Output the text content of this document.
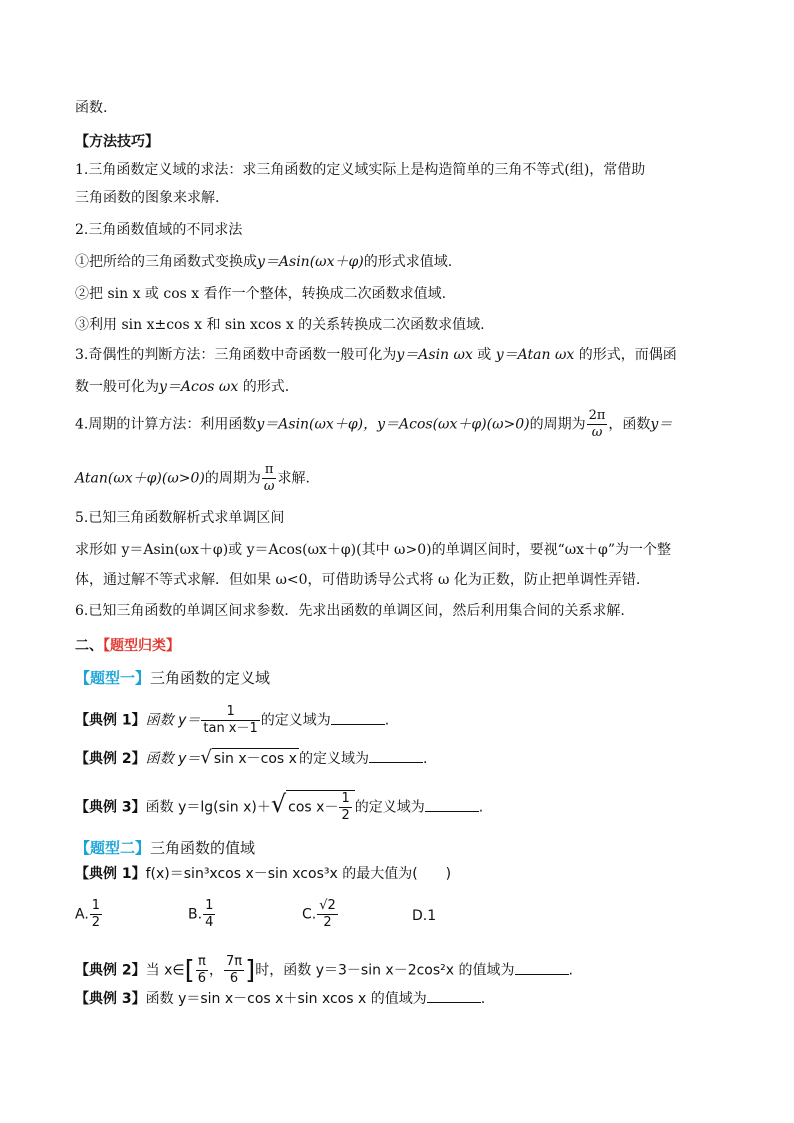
函数.
【方法技巧】
1.三角函数定义域的求法：求三角函数的定义域实际上是构造简单的三角不等式(组)，常借助
三角函数的图象来求解.
2.三角函数值域的不同求法
①把所给的三角函数式变换成y＝Asin(ωx＋φ)的形式求值域.
②把 sin x 或 cos x 看作一个整体，转换成二次函数求值域.
③利用 sin x±cos x 和 sin xcos x 的关系转换成二次函数求值域.
3.奇偶性的判断方法：三角函数中奇函数一般可化为y＝Asin ωx 或 y＝Atan ωx 的形式，而偶函
数一般可化为y＝Acos ωx 的形式.
4.周期的计算方法：利用函数y＝Asin(ωx＋φ)，y＝Acos(ωx＋φ)(ω>0)的周期为 $\frac{2\pi}{\omega}$ ，函数y＝
Atan(ωx＋φ)(ω>0)的周期为 $\frac{\pi}{\omega}$ 求解.
5.已知三角函数解析式求单调区间
求形如 y＝Asin(ωx＋φ)或 y＝Acos(ωx＋φ)(其中 ω>0)的单调区间时，要视“ωx＋φ”为一个整
体，通过解不等式求解．但如果 ω<0，可借助诱导公式将 ω 化为正数，防止把单调性弄错.
6.已知三角函数的单调区间求参数．先求出函数的单调区间，然后利用集合间的关系求解.
二、【题型归类】
【题型一】三角函数的定义域
【典例 1】函数 $y= \frac{1}{\text{tan x－1}}$ 的定义域为	.
【典例 2】函数 y＝√ sin x－cos x 的定义域为	.
【典例 3】函数 y＝lg(sin x)＋√ $\cos x- \frac{1}{2}$ 的定义域为	.
【题型二】三角函数的值域
【典例 1】f(x)＝sin³xcos x－sin xcos³x 的最大值为(　　)
A. $\frac{1}{2}$	B. $\frac{1}{4}$	C. $\frac{√2}{2}$	D.1
【典例 2】当 x∈[ $\frac{\pi}{6}$ ， $\frac{7\pi}{6}$ ]时，函数 y＝3－sin x－2cos²x 的值域为	.
【典例 3】函数 y＝sin x－cos x＋sin xcos x 的值域为	.
